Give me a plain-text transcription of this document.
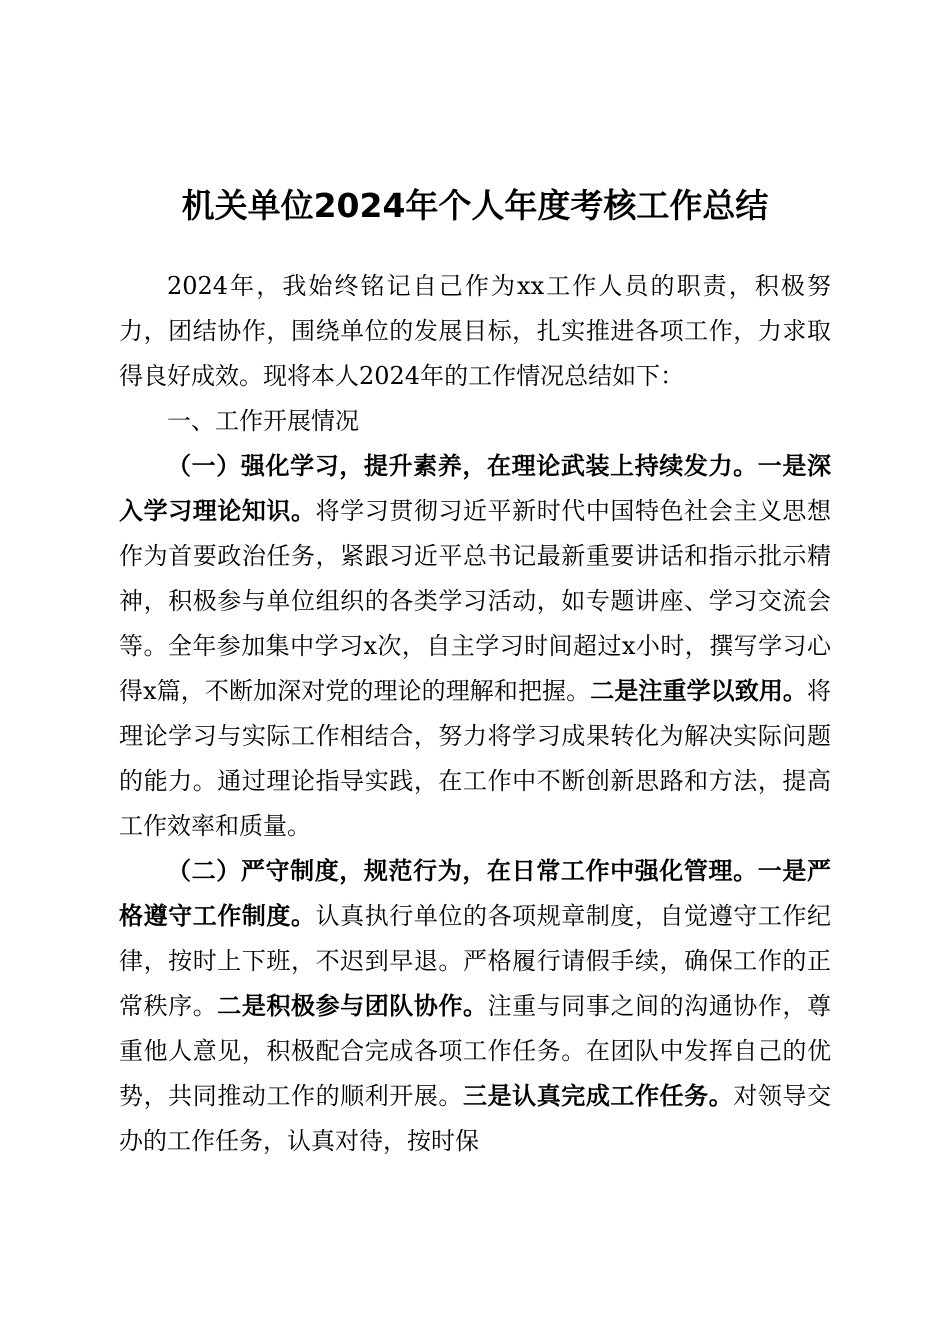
机关单位2024年个人年度考核工作总结

2024年，我始终铭记自己作为xx工作人员的职责，积极努力，团结协作，围绕单位的发展目标，扎实推进各项工作，力求取得良好成效。现将本人2024年的工作情况总结如下：

一、工作开展情况

（一）强化学习，提升素养，在理论武装上持续发力。一是深入学习理论知识。将学习贯彻习近平新时代中国特色社会主义思想作为首要政治任务，紧跟习近平总书记最新重要讲话和指示批示精神，积极参与单位组织的各类学习活动，如专题讲座、学习交流会等。全年参加集中学习x次，自主学习时间超过x小时，撰写学习心得x篇，不断加深对党的理论的理解和把握。二是注重学以致用。将理论学习与实际工作相结合，努力将学习成果转化为解决实际问题的能力。通过理论指导实践，在工作中不断创新思路和方法，提高工作效率和质量。

（二）严守制度，规范行为，在日常工作中强化管理。一是严格遵守工作制度。认真执行单位的各项规章制度，自觉遵守工作纪律，按时上下班，不迟到早退。严格履行请假手续，确保工作的正常秩序。二是积极参与团队协作。注重与同事之间的沟通协作，尊重他人意见，积极配合完成各项工作任务。在团队中发挥自己的优势，共同推动工作的顺利开展。三是认真完成工作任务。对领导交办的工作任务，认真对待，按时保
